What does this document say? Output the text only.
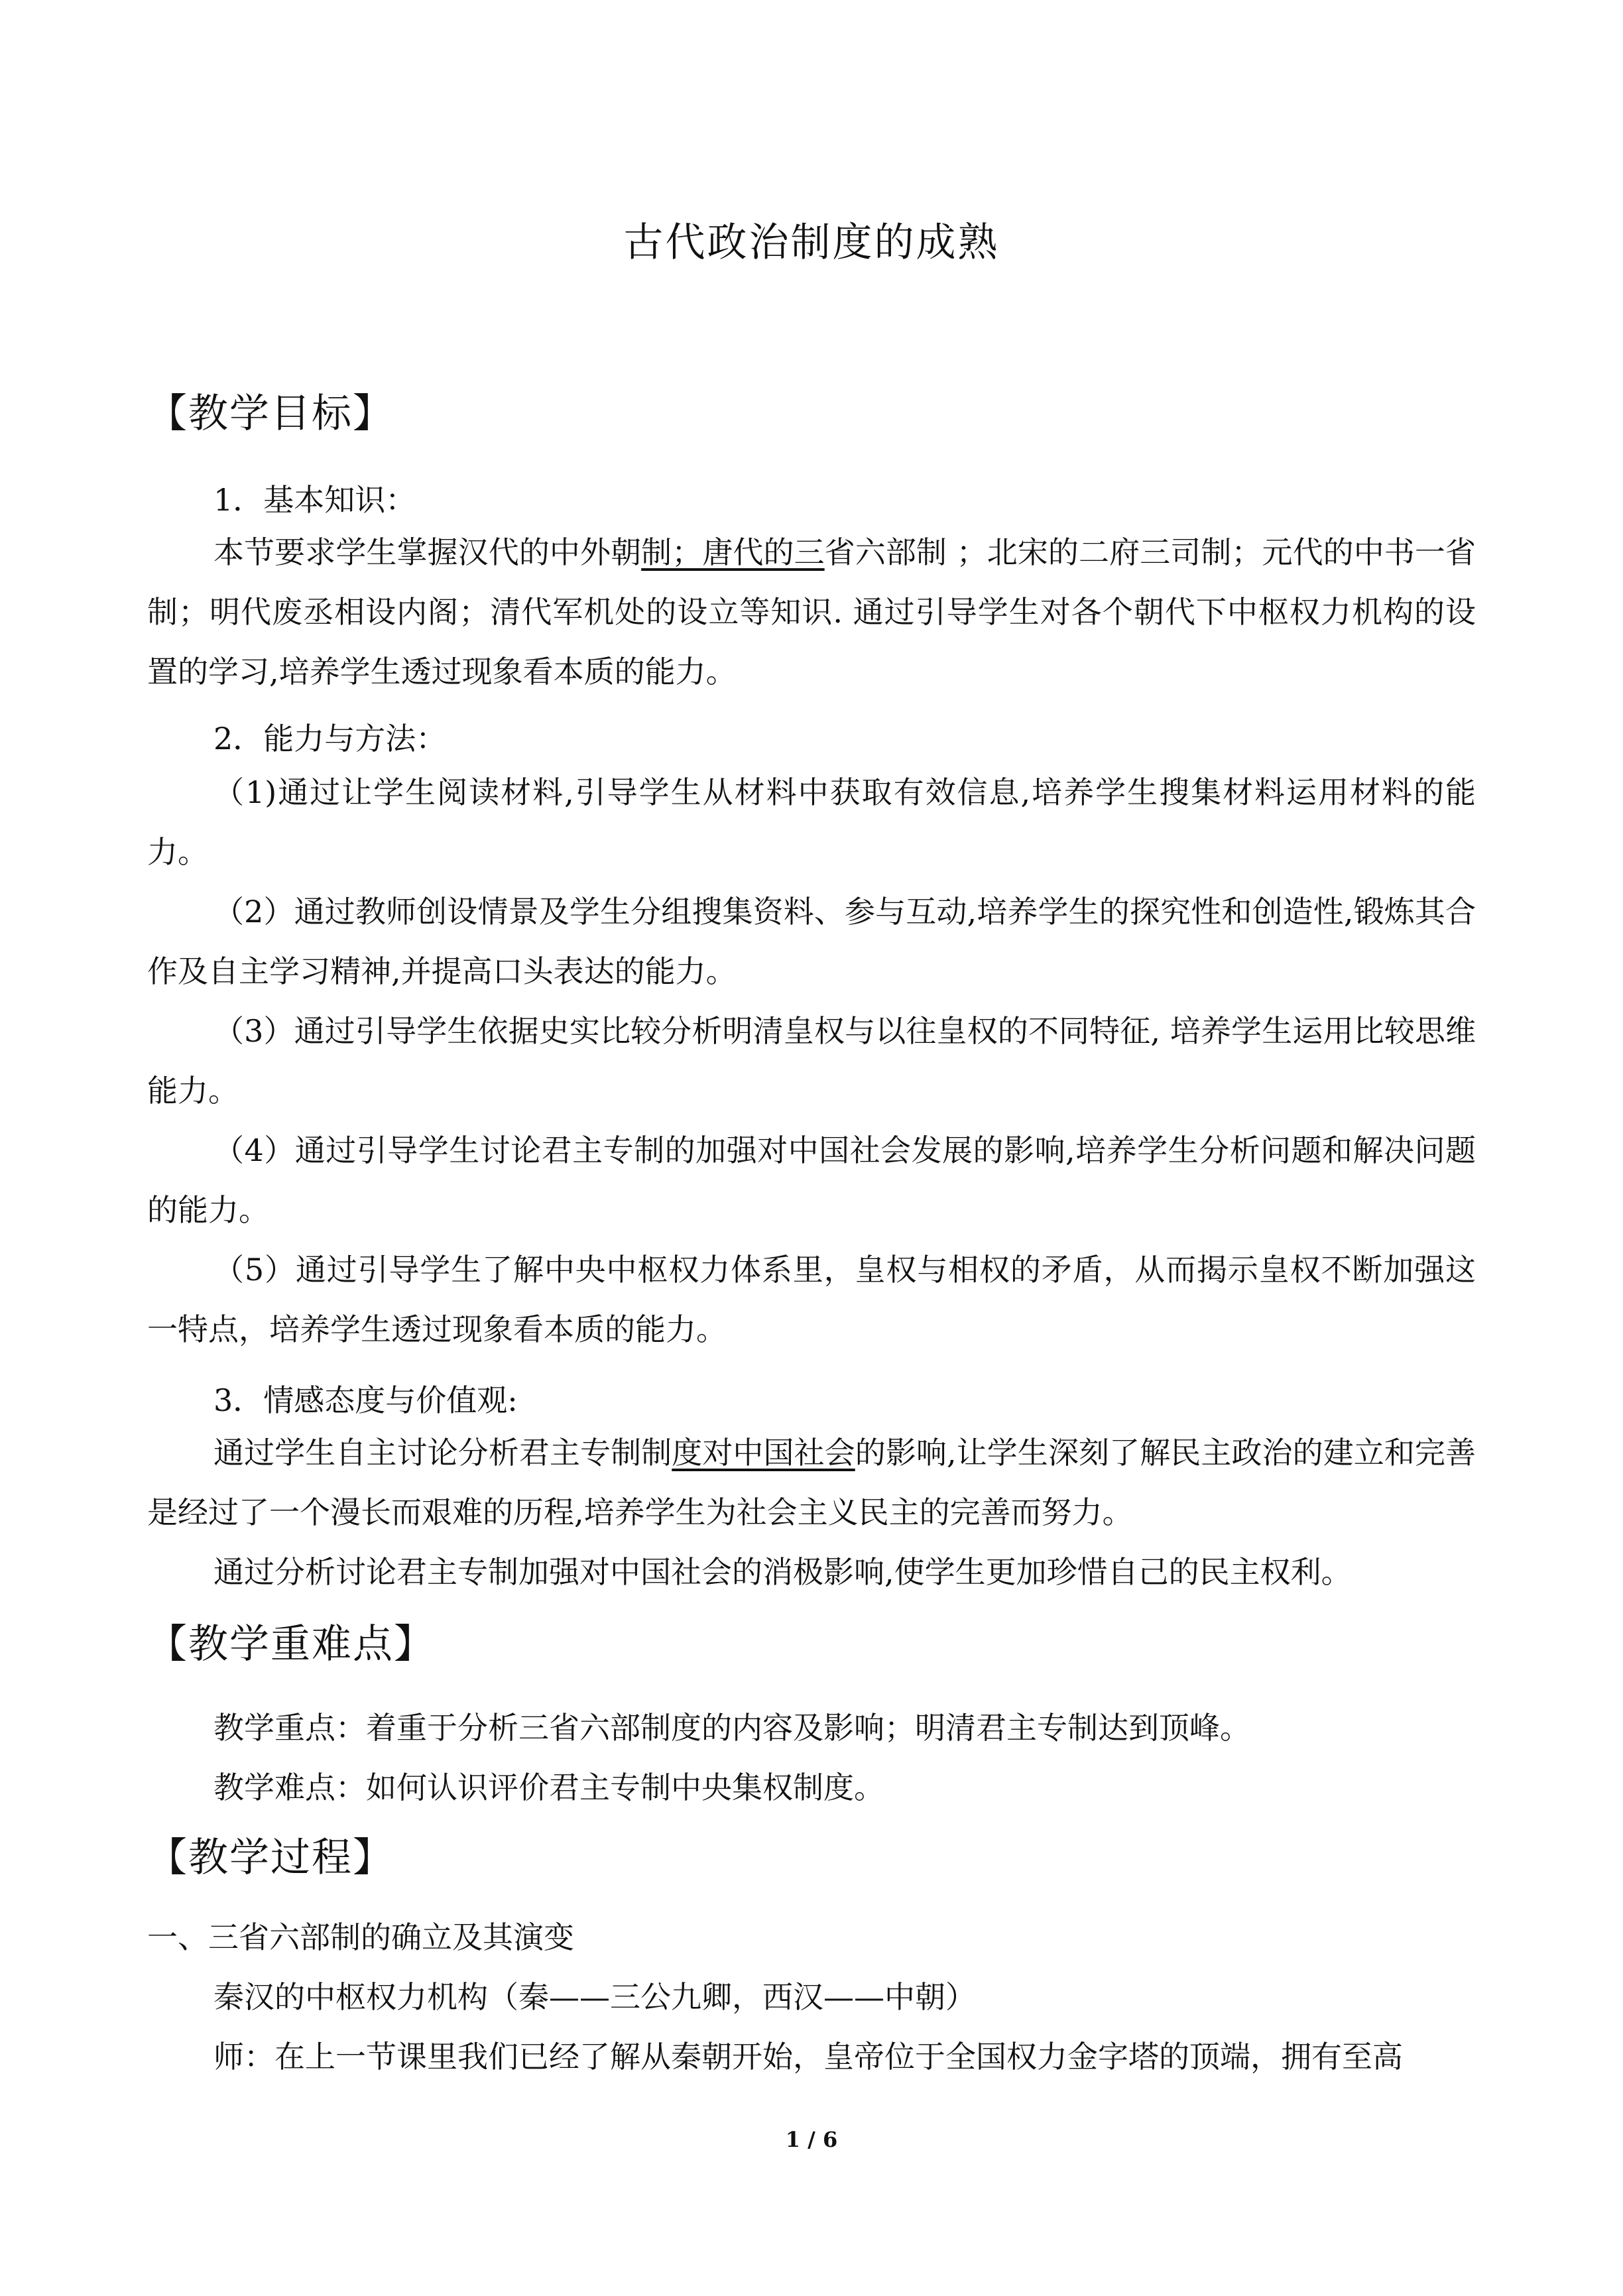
古代政治制度的成熟
【教学目标】
1．基本知识：
本节要求学生掌握汉代的中外朝制；唐代的三省六部制 ；北宋的二府三司制；元代的中书一省制；明代废丞相设内阁；清代军机处的设立等知识. 通过引导学生对各个朝代下中枢权力机构的设置的学习,培养学生透过现象看本质的能力。
2．能力与方法：
（1)通过让学生阅读材料,引导学生从材料中获取有效信息,培养学生搜集材料运用材料的能力。
（2）通过教师创设情景及学生分组搜集资料、参与互动,培养学生的探究性和创造性,锻炼其合作及自主学习精神,并提高口头表达的能力。
（3）通过引导学生依据史实比较分析明清皇权与以往皇权的不同特征, 培养学生运用比较思维能力。
（4）通过引导学生讨论君主专制的加强对中国社会发展的影响,培养学生分析问题和解决问题的能力。
（5）通过引导学生了解中央中枢权力体系里，皇权与相权的矛盾，从而揭示皇权不断加强这一特点，培养学生透过现象看本质的能力。
3．情感态度与价值观:
通过学生自主讨论分析君主专制制度对中国社会的影响,让学生深刻了解民主政治的建立和完善是经过了一个漫长而艰难的历程,培养学生为社会主义民主的完善而努力。
通过分析讨论君主专制加强对中国社会的消极影响,使学生更加珍惜自己的民主权利。
【教学重难点】
教学重点：着重于分析三省六部制度的内容及影响；明清君主专制达到顶峰。
教学难点：如何认识评价君主专制中央集权制度。
【教学过程】
一、三省六部制的确立及其演变
秦汉的中枢权力机构（秦——三公九卿，西汉——中朝）
师：在上一节课里我们已经了解从秦朝开始，皇帝位于全国权力金字塔的顶端，拥有至高
1 / 6
